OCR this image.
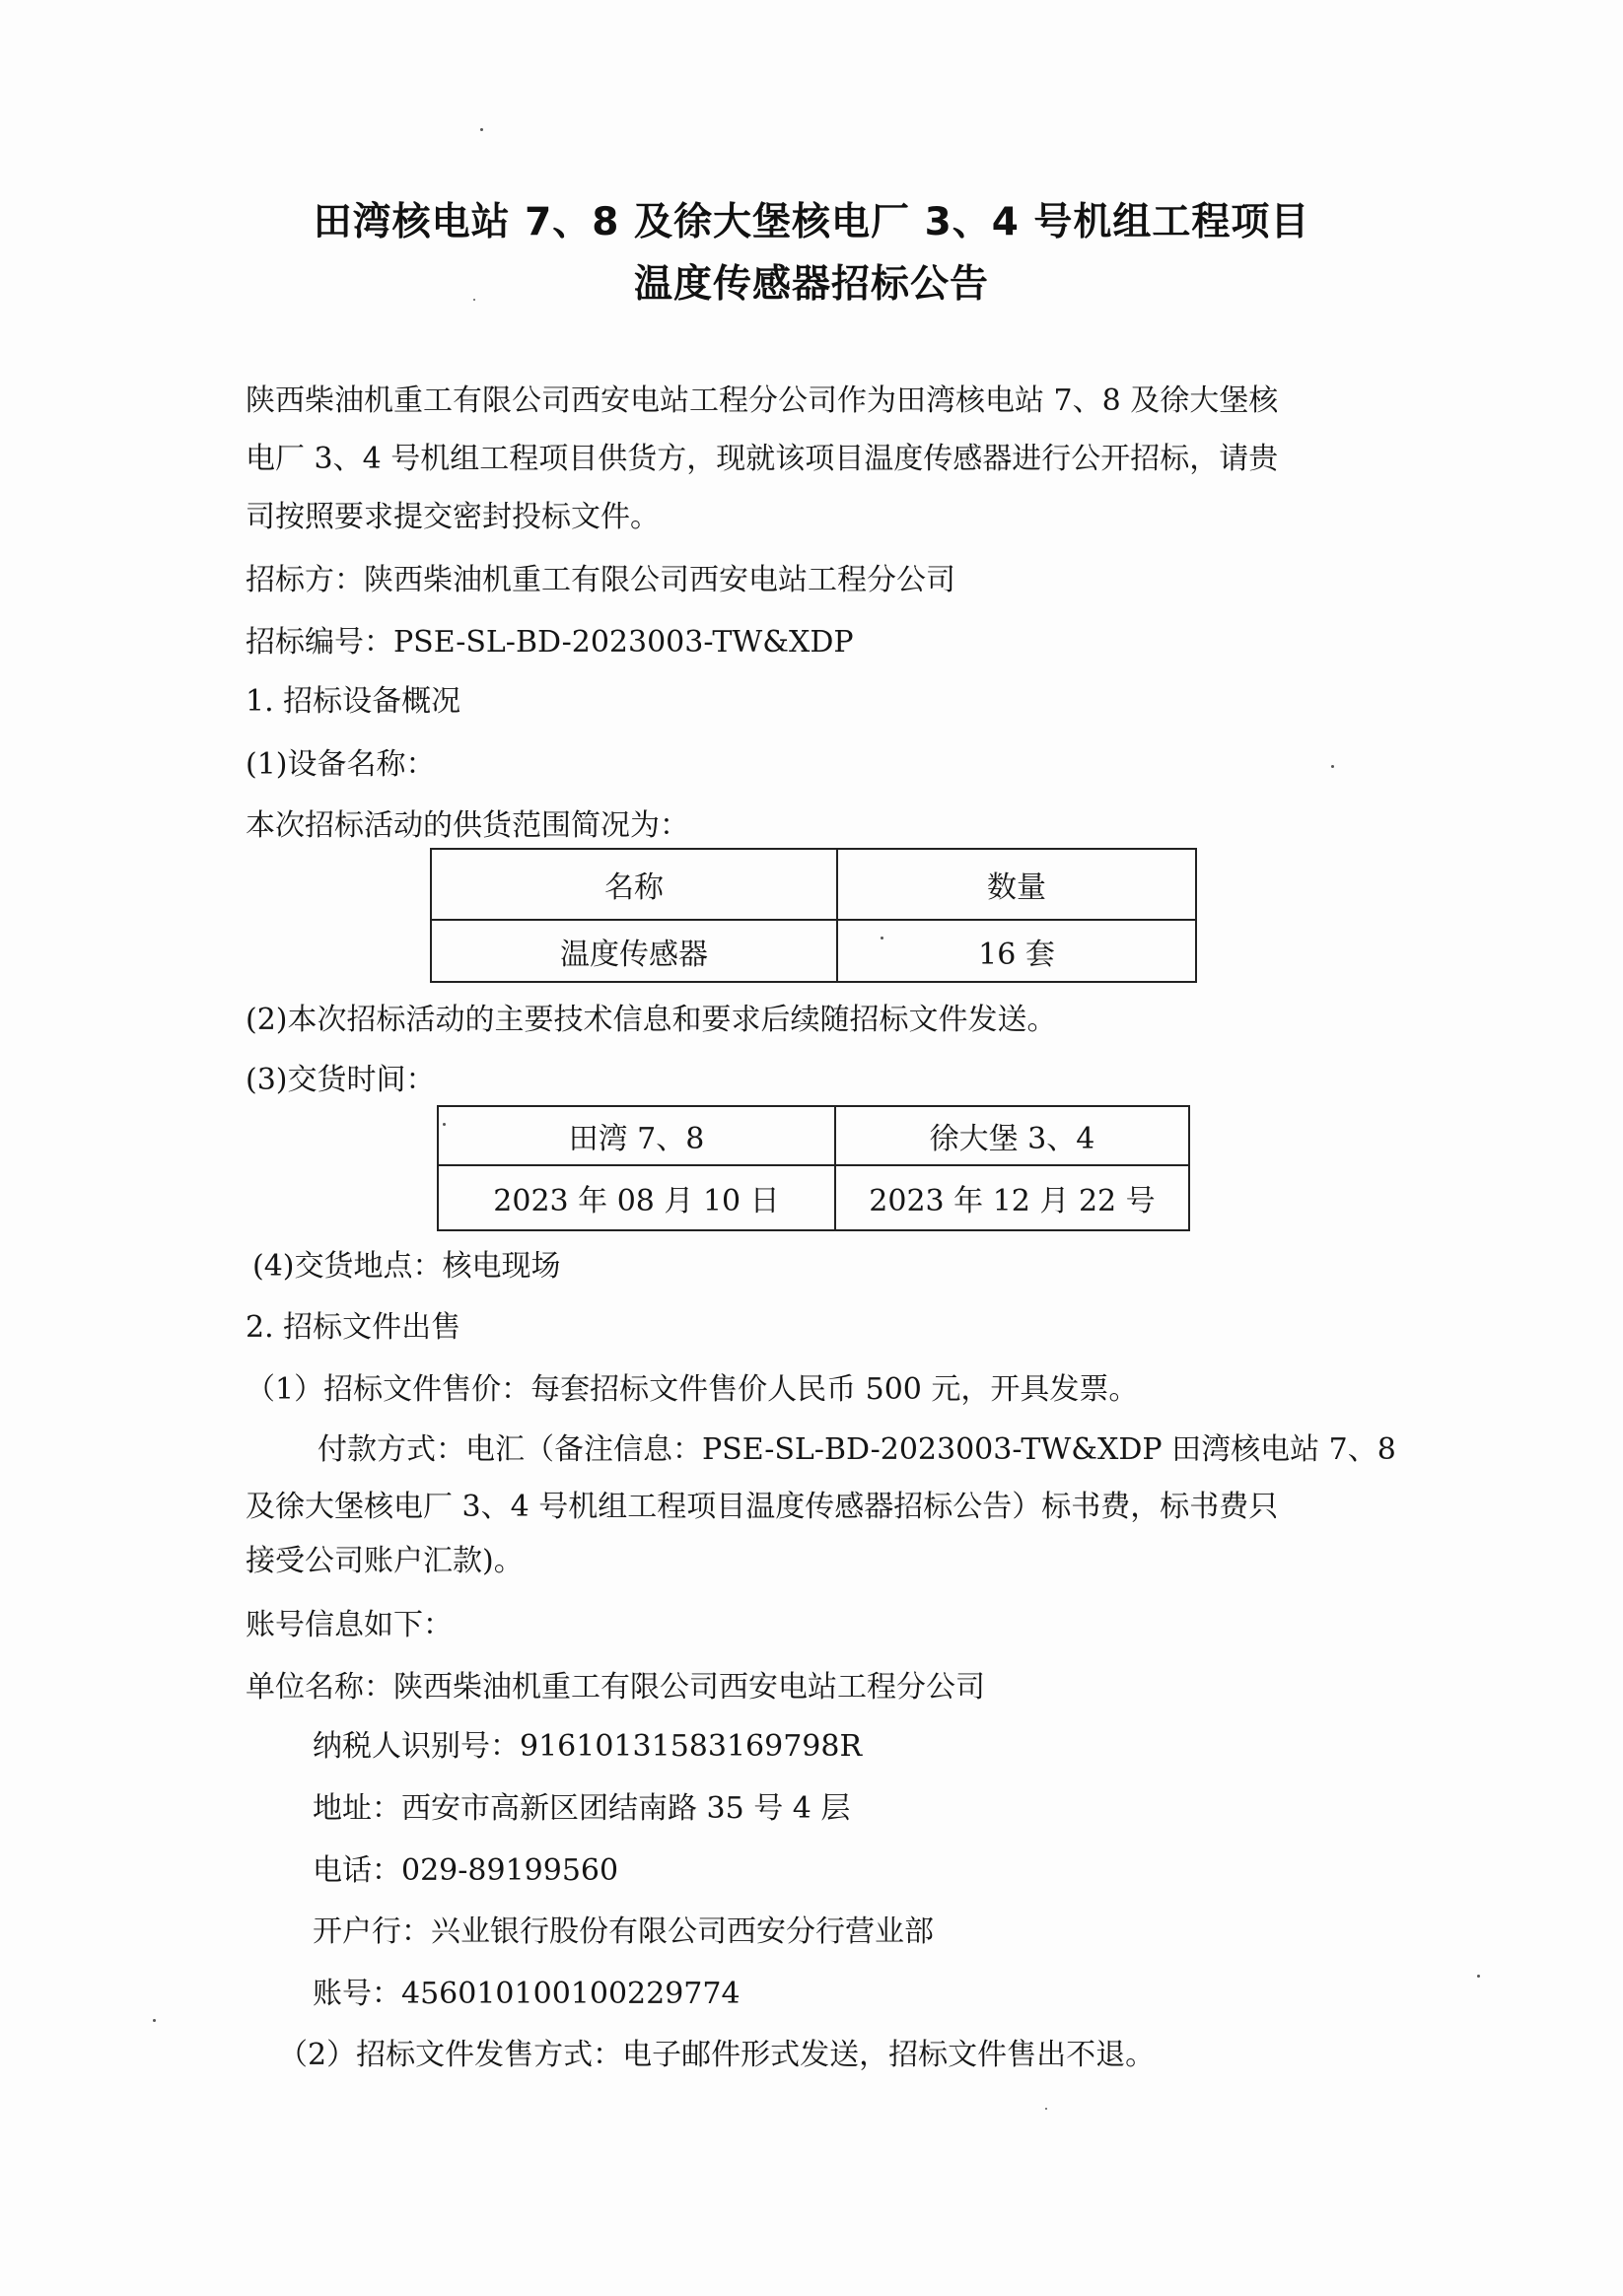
田湾核电站 7、8 及徐大堡核电厂 3、4 号机组工程项目
温度传感器招标公告
陕西柴油机重工有限公司西安电站工程分公司作为田湾核电站 7、8 及徐大堡核
电厂 3、4 号机组工程项目供货方，现就该项目温度传感器进行公开招标，请贵
司按照要求提交密封投标文件。
招标方：陕西柴油机重工有限公司西安电站工程分公司
招标编号：PSE-SL-BD-2023003-TW&XDP
1. 招标设备概况
(1)设备名称：
本次招标活动的供货范围简况为：
名称	数量
温度传感器	16 套
(2)本次招标活动的主要技术信息和要求后续随招标文件发送。
(3)交货时间：
田湾 7、8	徐大堡 3、4
2023 年 08 月 10 日	2023 年 12 月 22 号
(4)交货地点：核电现场
2. 招标文件出售
（1）招标文件售价：每套招标文件售价人民币 500 元，开具发票。
付款方式：电汇（备注信息：PSE-SL-BD-2023003-TW&XDP 田湾核电站 7、8
及徐大堡核电厂 3、4 号机组工程项目温度传感器招标公告）标书费，标书费只
接受公司账户汇款)。
账号信息如下：
单位名称：陕西柴油机重工有限公司西安电站工程分公司
纳税人识别号：91610131583169798R
地址：西安市高新区团结南路 35 号 4 层
电话：029-89199560
开户行：兴业银行股份有限公司西安分行营业部
账号：456010100100229774
（2）招标文件发售方式：电子邮件形式发送，招标文件售出不退。
